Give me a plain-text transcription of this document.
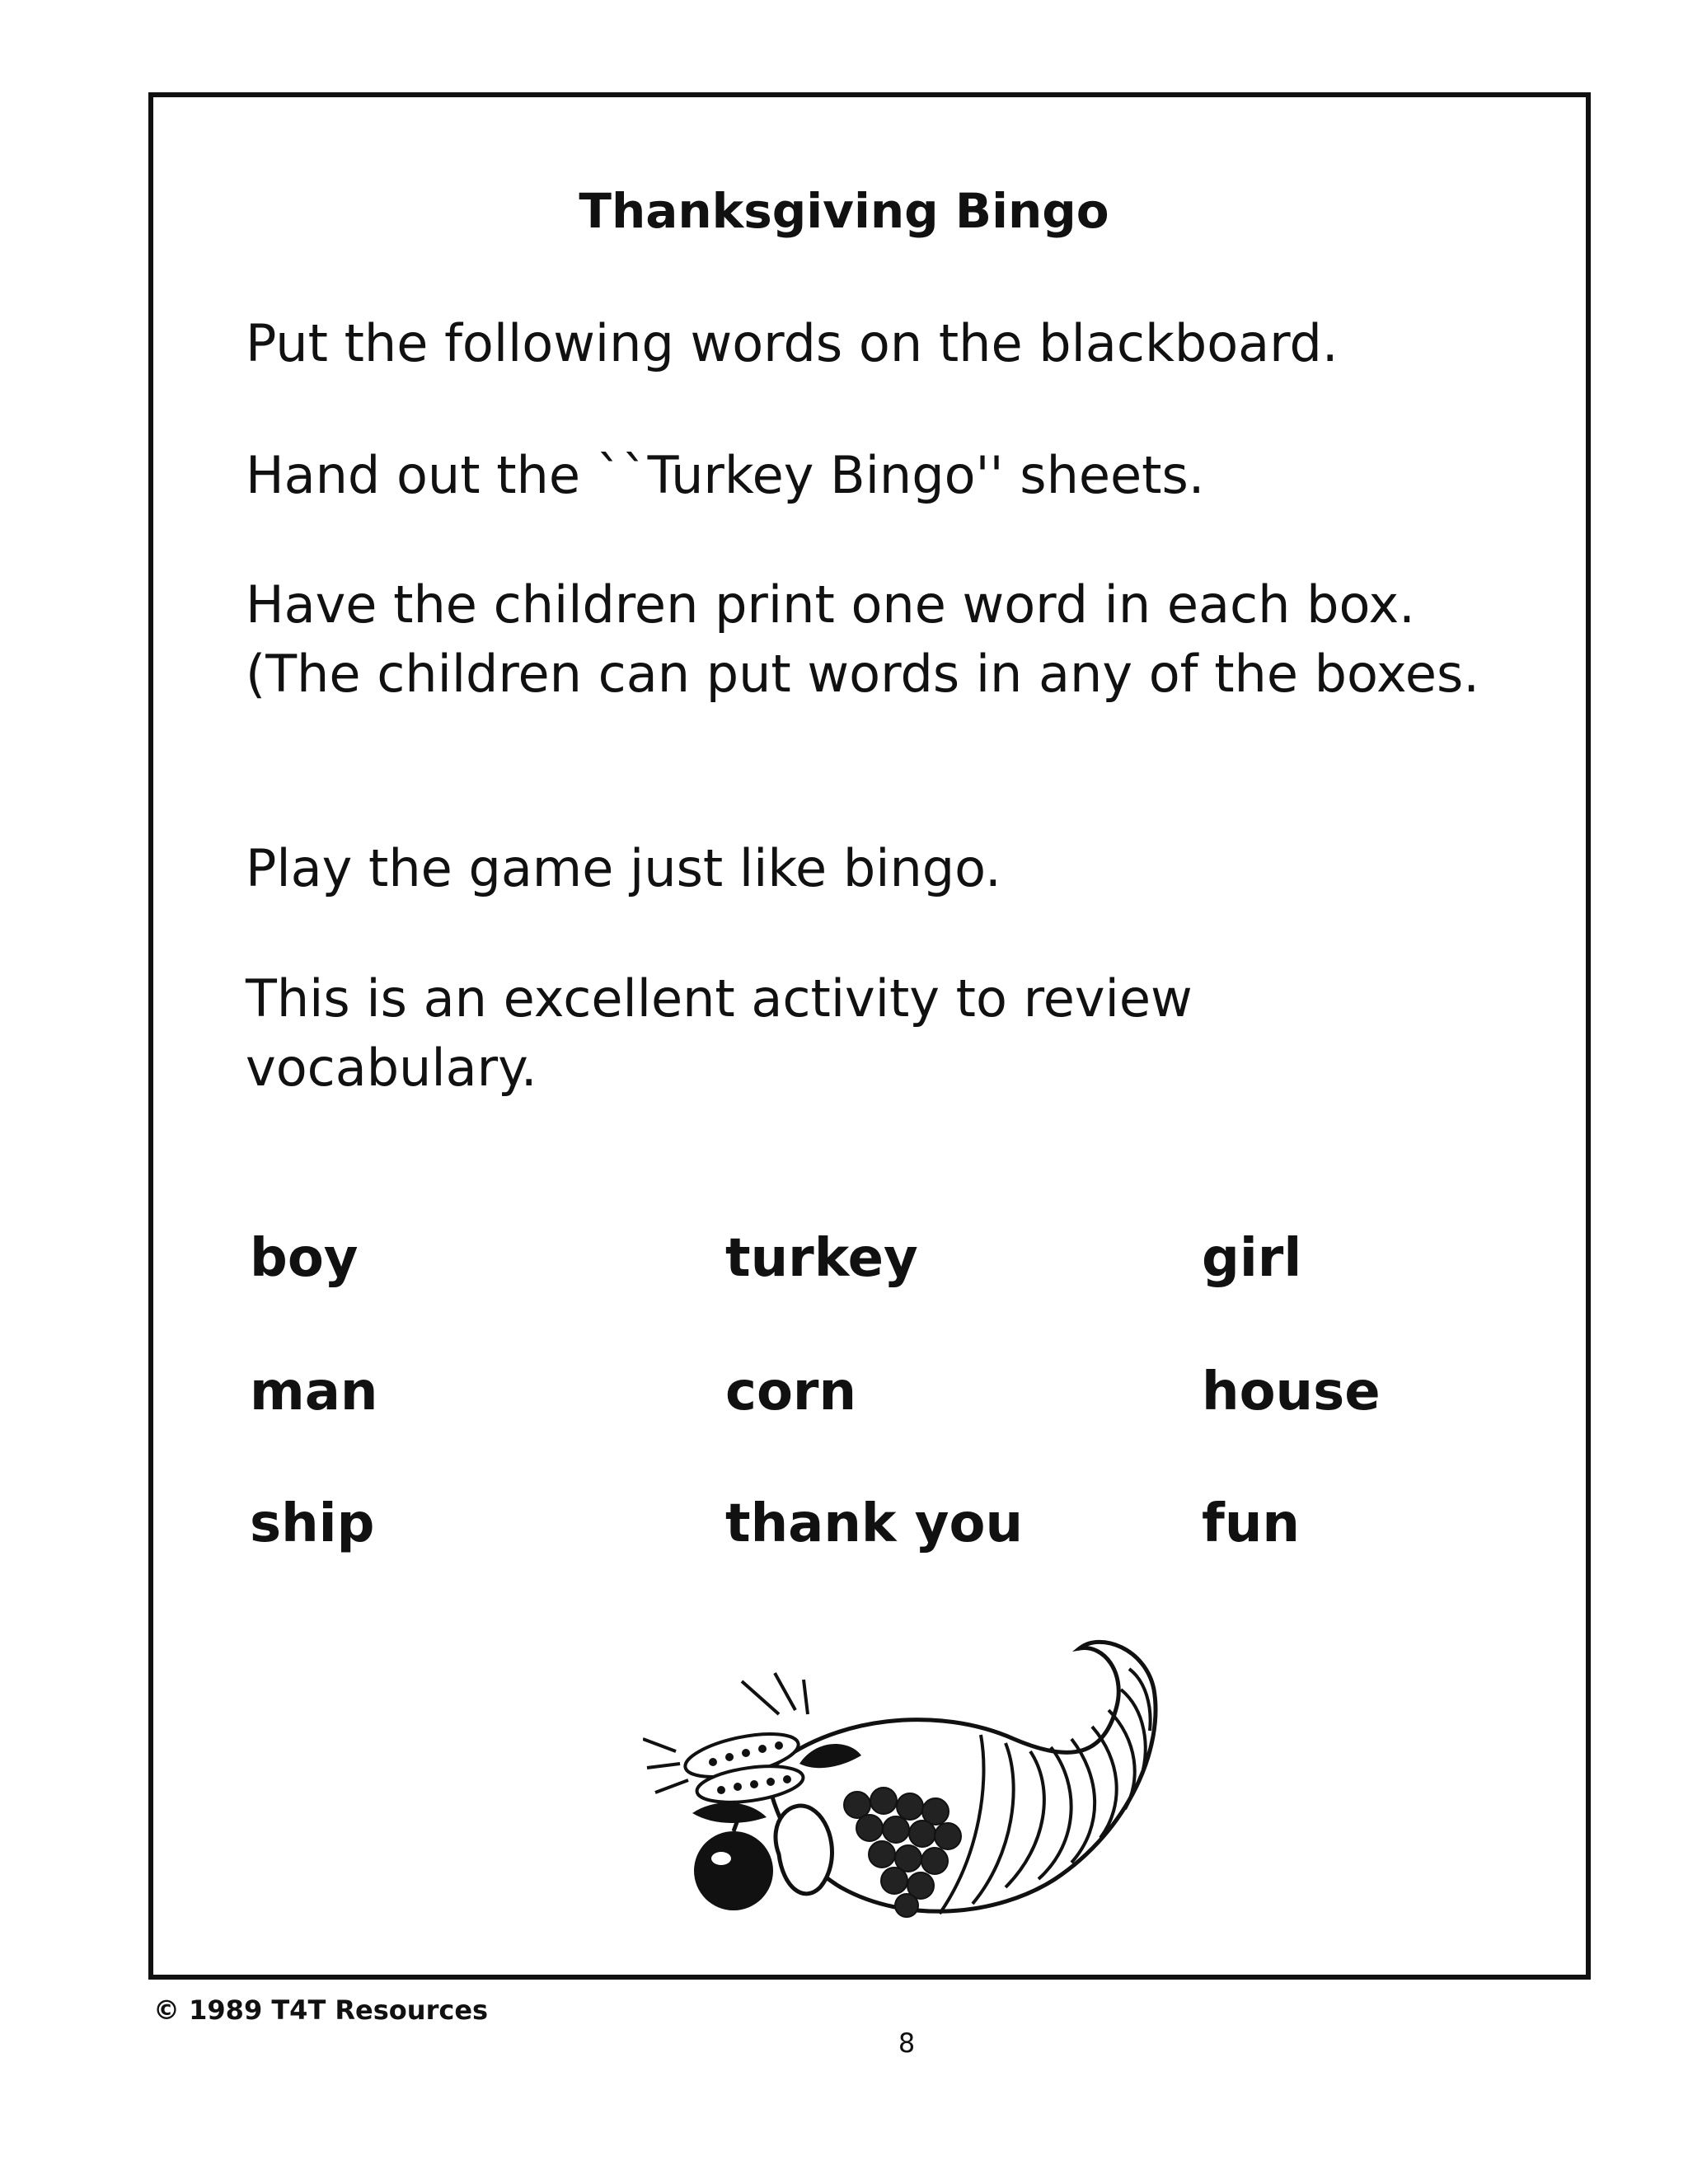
Thanksgiving Bingo
Put the following words on the blackboard.
Hand out the ``Turkey Bingo'' sheets.
Have the children print one word in each box. (The children can put words in any of the boxes.
Play the game just like bingo.
This is an excellent activity to review vocabulary.
boy	turkey	girl
man	corn	house
ship	thank you	fun
© 1989 T4T Resources
8
